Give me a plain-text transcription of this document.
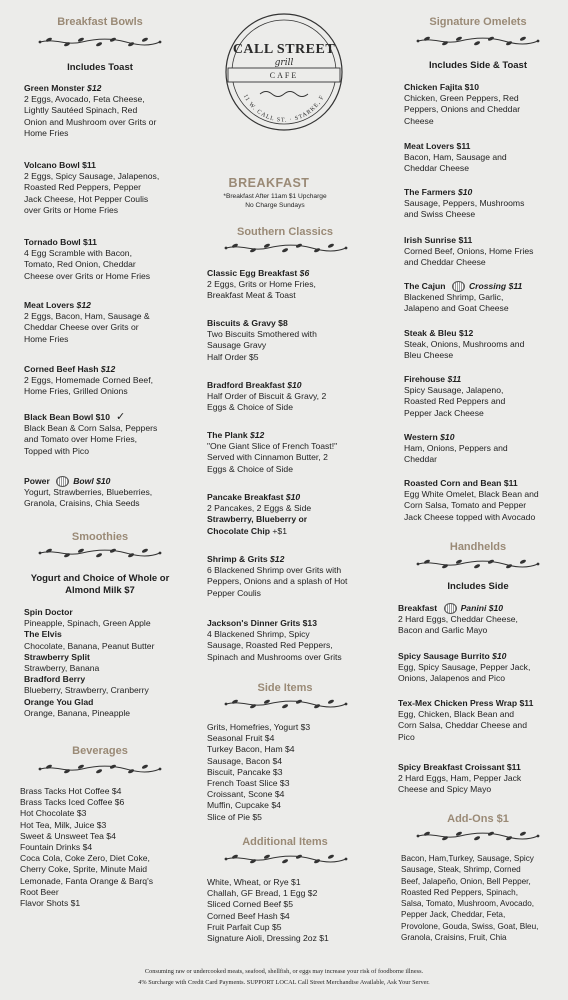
Breakfast Bowls
Includes Toast
Green Monster $12
2 Eggs, Avocado, Feta Cheese,
Lightly Sautéed Spinach, Red
Onion and Mushroom over Grits or
Home Fries
Volcano Bowl $11
2 Eggs, Spicy Sausage, Jalapenos,
Roasted Red Peppers, Pepper
Jack Cheese, Hot Pepper Coulis
over Grits or Home Fries
Tornado Bowl $11
4 Egg Scramble with Bacon,
Tomato, Red Onion, Cheddar
Cheese over Grits or Home Fries
Meat Lovers $12
2 Eggs, Bacon, Ham, Sausage &
Cheddar Cheese over Grits or
Home Fries
Corned Beef Hash $12
2 Eggs, Homemade Corned Beef,
Home Fries, Grilled Onions
Black Bean Bowl $10 ✓
Black Bean & Corn Salsa, Peppers
and Tomato over Home Fries,
Topped with Pico
Power Bowl $10
Yogurt, Strawberries, Blueberries,
Granola, Craisins, Chia Seeds
Smoothies
Yogurt and Choice of Whole or
Almond Milk $7
Spin Doctor
Pineapple, Spinach, Green Apple
The Elvis
Chocolate, Banana, Peanut Butter
Strawberry Split
Strawberry, Banana
Bradford Berry
Blueberry, Strawberry, Cranberry
Orange You Glad
Orange, Banana, Pineapple
Beverages
Brass Tacks Hot Coffee $4
Brass Tacks Iced Coffee $6
Hot Chocolate $3
Hot Tea, Milk, Juice $3
Sweet & Unsweet Tea $4
Fountain Drinks $4
Coca Cola, Coke Zero, Diet Coke,
Cherry Coke, Sprite, Minute Maid
Lemonade, Fanta Orange & Barq's
Root Beer
Flavor Shots $1
CALL STREET
grill
CAFE
11 W. CALL ST. · STARKE, F
BREAKFAST
*Breakfast After 11am $1 Upcharge
No Charge Sundays
Southern Classics
Classic Egg Breakfast $6
2 Eggs, Grits or Home Fries,
Breakfast Meat & Toast
Biscuits & Gravy $8
Two Biscuits Smothered with
Sausage Gravy
Half Order $5
Bradford Breakfast $10
Half Order of Biscuit & Gravy, 2
Eggs & Choice of Side
The Plank $12
"One Giant Slice of French Toast!"
Served with Cinnamon Butter, 2
Eggs & Choice of Side
Pancake Breakfast $10
2 Pancakes, 2 Eggs & Side
Strawberry, Blueberry or
Chocolate Chip +$1
Shrimp & Grits $12
6 Blackened Shrimp over Grits with
Peppers, Onions and a splash of Hot
Pepper Coulis
Jackson's Dinner Grits $13
4 Blackened Shrimp, Spicy
Sausage, Roasted Red Peppers,
Spinach and Mushrooms over Grits
Side Items
Grits, Homefries, Yogurt $3
Seasonal Fruit $4
Turkey Bacon, Ham $4
Sausage, Bacon $4
Biscuit, Pancake $3
French Toast Slice $3
Croissant, Scone $4
Muffin, Cupcake $4
Slice of Pie $5
Additional Items
White, Wheat, or Rye $1
Challah, GF Bread, 1 Egg $2
Sliced Corned Beef $5
Corned Beef Hash $4
Fruit Parfait Cup $5
Signature Aioli, Dressing 2oz $1
Signature Omelets
Includes Side & Toast
Chicken Fajita $10
Chicken, Green Peppers, Red
Peppers, Onions and Cheddar
Cheese
Meat Lovers $11
Bacon, Ham, Sausage and
Cheddar Cheese
The Farmers $10
Sausage, Peppers, Mushrooms
and Swiss Cheese
Irish Sunrise $11
Corned Beef, Onions, Home Fries
and Cheddar Cheese
The Cajun Crossing $11
Blackened Shrimp, Garlic,
Jalapeno and Goat Cheese
Steak & Bleu $12
Steak, Onions, Mushrooms and
Bleu Cheese
Firehouse $11
Spicy Sausage, Jalapeno,
Roasted Red Peppers and
Pepper Jack Cheese
Western $10
Ham, Onions, Peppers and
Cheddar
Roasted Corn and Bean $11
Egg White Omelet, Black Bean and
Corn Salsa, Tomato and Pepper
Jack Cheese topped with Avocado
Handhelds
Includes Side
Breakfast Panini $10
2 Hard Eggs, Cheddar Cheese,
Bacon and Garlic Mayo
Spicy Sausage Burrito $10
Egg, Spicy Sausage, Pepper Jack,
Onions, Jalapenos and Pico
Tex-Mex Chicken Press Wrap $11
Egg, Chicken, Black Bean and
Corn Salsa, Cheddar Cheese and
Pico
Spicy Breakfast Croissant $11
2 Hard Eggs, Ham, Pepper Jack
Cheese and Spicy Mayo
Add-Ons $1
Bacon, Ham,Turkey, Sausage, Spicy
Sausage, Steak, Shrimp, Corned
Beef, Jalapeño, Onion, Bell Pepper,
Roasted Red Peppers, Spinach,
Salsa, Tomato, Mushroom, Avocado,
Pepper Jack, Cheddar, Feta,
Provolone, Gouda, Swiss, Goat, Bleu,
Granola, Craisins, Fruit, Chia
Consuming raw or undercooked meats, seafood, shellfish, or eggs may increase your risk of foodborne illness.
4% Surcharge with Credit Card Payments. SUPPORT LOCAL Call Street Merchandise Available, Ask Your Server.
